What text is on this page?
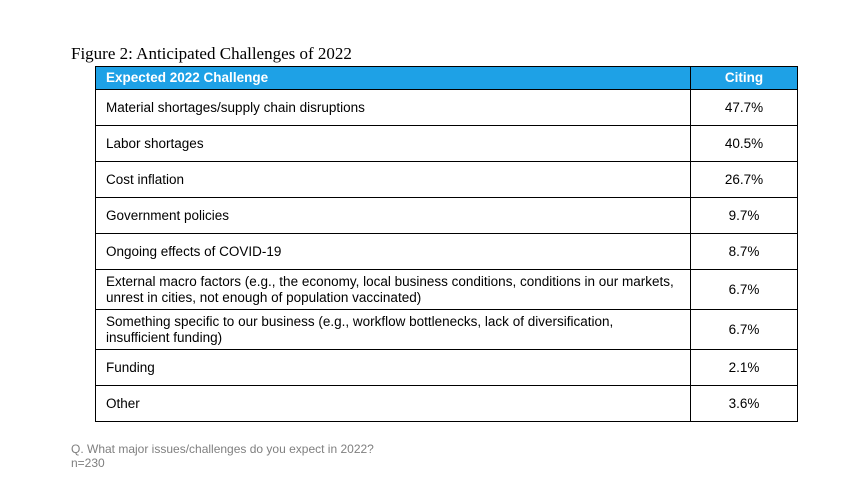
Figure 2: Anticipated Challenges of 2022
Expected 2022 Challenge	Citing
Material shortages/supply chain disruptions	47.7%
Labor shortages	40.5%
Cost inflation	26.7%
Government policies	9.7%
Ongoing effects of COVID-19	8.7%
External macro factors (e.g., the economy, local business conditions, conditions in our markets, unrest in cities, not enough of population vaccinated)	6.7%
Something specific to our business (e.g., workflow bottlenecks, lack of diversification, insufficient funding)	6.7%
Funding	2.1%
Other	3.6%
Q. What major issues/challenges do you expect in 2022?
n=230
